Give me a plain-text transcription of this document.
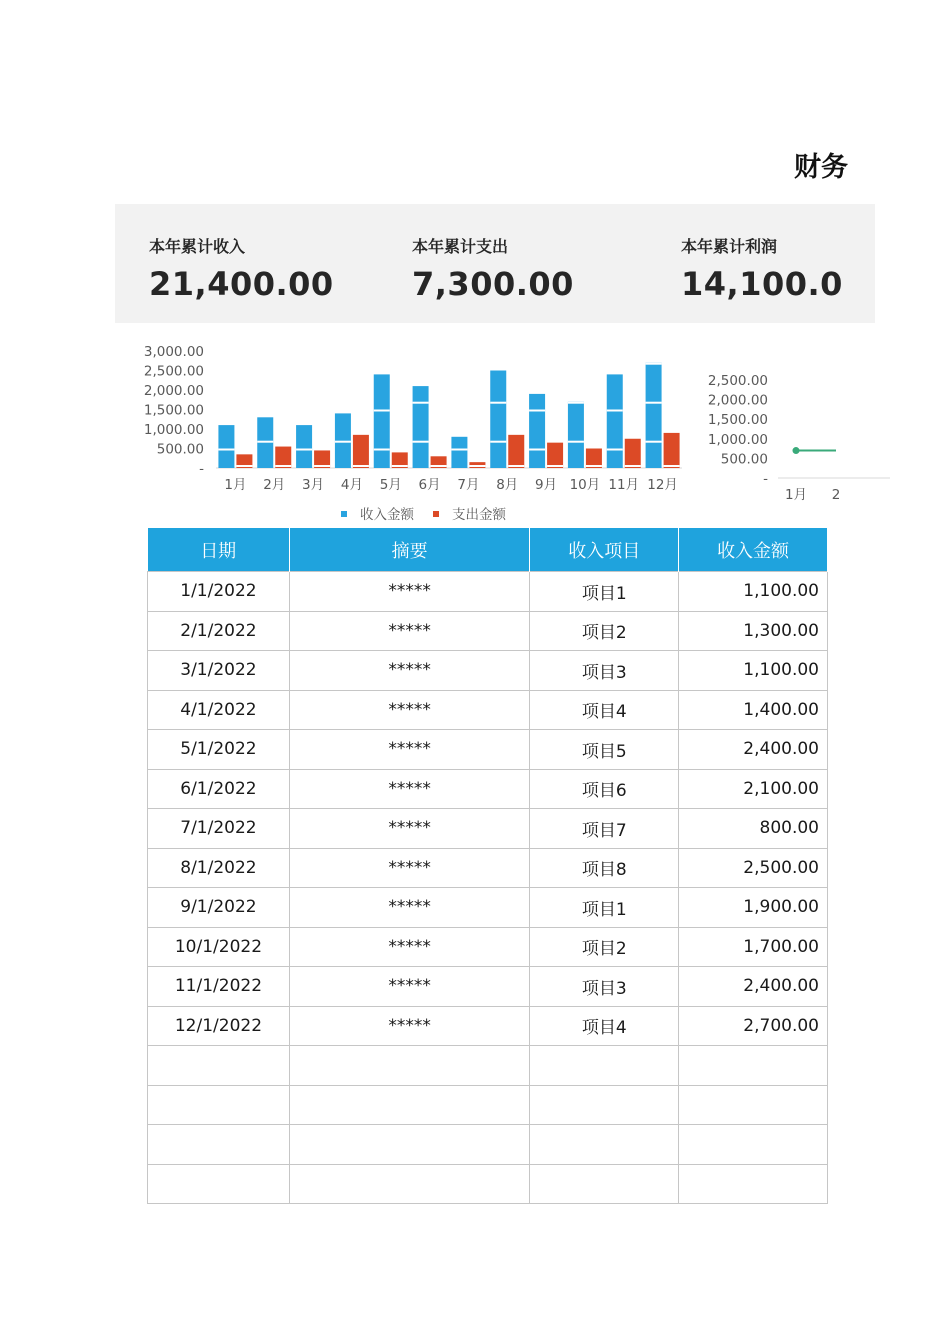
财务
本年累计收入
21,400.00
本年累计支出
7,300.00
本年累计利润
14,100.0
3,000.00
2,500.00
2,000.00
1,500.00
1,000.00
500.00
-
1月 2月 3月 4月 5月 6月 7月 8月 9月 10月 11月 12月
收入金额	支出金额
2,500.00
2,000.00
1,500.00
1,000.00
500.00
-
1月 2
日期	摘要	收入项目	收入金额
1/1/2022	*****	项目1	1,100.00
2/1/2022	*****	项目2	1,300.00
3/1/2022	*****	项目3	1,100.00
4/1/2022	*****	项目4	1,400.00
5/1/2022	*****	项目5	2,400.00
6/1/2022	*****	项目6	2,100.00
7/1/2022	*****	项目7	800.00
8/1/2022	*****	项目8	2,500.00
9/1/2022	*****	项目1	1,900.00
10/1/2022	*****	项目2	1,700.00
11/1/2022	*****	项目3	2,400.00
12/1/2022	*****	项目4	2,700.00
